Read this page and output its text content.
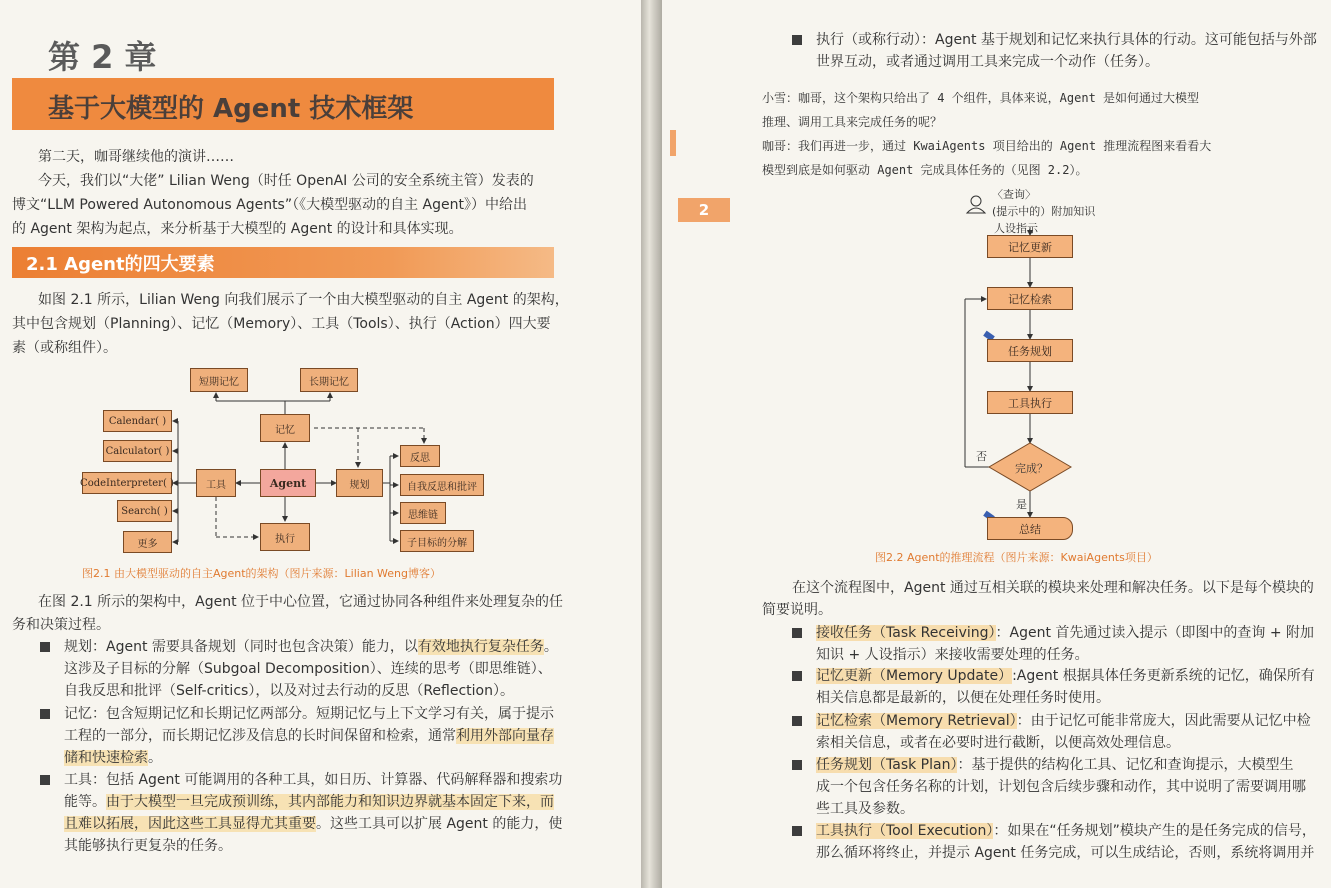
第 2 章
基于大模型的 Agent 技术框架
第二天，咖哥继续他的演讲……
今天，我们以“大佬” Lilian Weng（时任 OpenAI 公司的安全系统主管）发表的
博文“LLM Powered Autonomous Agents”（《大模型驱动的自主 Agent》）中给出
的 Agent 架构为起点，来分析基于大模型的 Agent 的设计和具体实现。
2.1 Agent的四大要素
如图 2.1 所示，Lilian Weng 向我们展示了一个由大模型驱动的自主 Agent 的架构，
其中包含规划（Planning）、记忆（Memory）、工具（Tools）、执行（Action）四大要
素（或称组件）。
短期记忆	长期记忆
记忆
Agent
工具	规划
执行
Calendar( )
Calculator( )
CodeInterpreter( )
Search( )
更多
反思
自我反思和批评
思维链
子目标的分解
图2.1 由大模型驱动的自主Agent的架构（图片来源：Lilian Weng博客）
在图 2.1 所示的架构中，Agent 位于中心位置，它通过协同各种组件来处理复杂的任
务和决策过程。
规划：Agent 需要具备规划（同时也包含决策）能力，以有效地执行复杂任务。
这涉及子目标的分解（Subgoal Decomposition）、连续的思考（即思维链）、
自我反思和批评（Self-critics），以及对过去行动的反思（Reflection）。
记忆：包含短期记忆和长期记忆两部分。短期记忆与上下文学习有关，属于提示
工程的一部分，而长期记忆涉及信息的长时间保留和检索，通常利用外部向量存
储和快速检索。
工具：包括 Agent 可能调用的各种工具，如日历、计算器、代码解释器和搜索功
能等。由于大模型一旦完成预训练，其内部能力和知识边界就基本固定下来，而
且难以拓展，因此这些工具显得尤其重要。这些工具可以扩展 Agent 的能力，使
其能够执行更复杂的任务。
2
执行（或称行动）：Agent 基于规划和记忆来执行具体的行动。这可能包括与外部
世界互动，或者通过调用工具来完成一个动作（任务）。
小雪：咖哥，这个架构只给出了 4 个组件，具体来说，Agent 是如何通过大模型
推理、调用工具来完成任务的呢？
咖哥：我们再进一步，通过 KwaiAgents 项目给出的 Agent 推理流程图来看看大
模型到底是如何驱动 Agent 完成具体任务的（见图 2.2）。
〈查询〉
(提示中的）附加知识
人设指示
记忆更新
记忆检索
任务规划
工具执行
完成？
否
是
总结
图2.2 Agent的推理流程（图片来源：KwaiAgents项目）
在这个流程图中，Agent 通过互相关联的模块来处理和解决任务。以下是每个模块的
简要说明。
接收任务（Task Receiving）：Agent 首先通过读入提示（即图中的查询 + 附加
知识 + 人设指示）来接收需要处理的任务。
记忆更新（Memory Update）:Agent 根据具体任务更新系统的记忆，确保所有
相关信息都是最新的，以便在处理任务时使用。
记忆检索（Memory Retrieval）：由于记忆可能非常庞大，因此需要从记忆中检
索相关信息，或者在必要时进行截断，以便高效处理信息。
任务规划（Task Plan）：基于提供的结构化工具、记忆和查询提示，大模型生
成一个包含任务名称的计划，计划包含后续步骤和动作，其中说明了需要调用哪
些工具及参数。
工具执行（Tool Execution）：如果在“任务规划”模块产生的是任务完成的信号，
那么循环将终止，并提示 Agent 任务完成，可以生成结论，否则，系统将调用并
